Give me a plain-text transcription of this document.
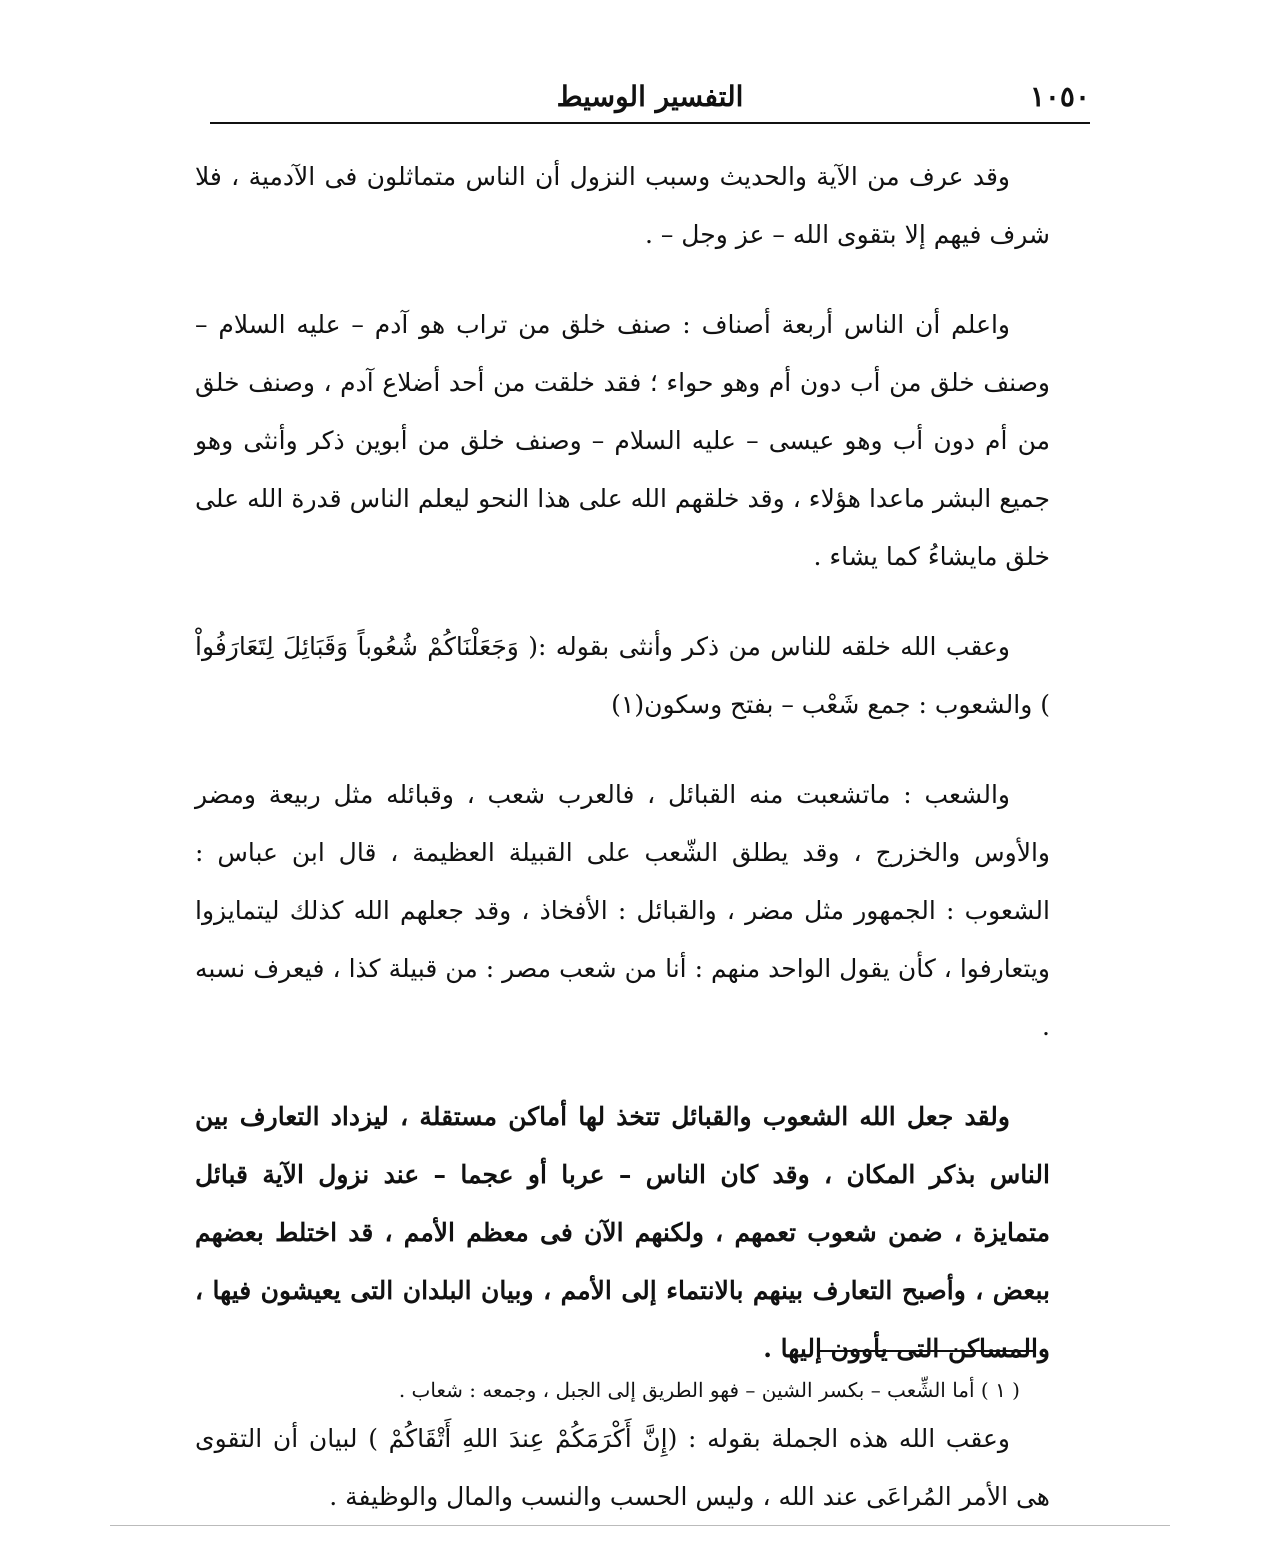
١٠٥٠
التفسير الوسيط

وقد عرف من الآية والحديث وسبب النزول أن الناس متماثلون فى الآدمية ، فلا شرف فيهم إلا بتقوى الله – عز وجل – .

واعلم أن الناس أربعة أصناف : صنف خلق من تراب هو آدم – عليه السلام – وصنف خلق من أب دون أم وهو حواء ؛ فقد خلقت من أحد أضلاع آدم ، وصنف خلق من أم دون أب وهو عيسى – عليه السلام – وصنف خلق من أبوين ذكر وأنثى وهو جميع البشر ماعدا هؤلاء ، وقد خلقهم الله على هذا النحو ليعلم الناس قدرة الله على خلق مايشاءُ كما يشاء .

وعقب الله خلقه للناس من ذكر وأنثى بقوله :( وَجَعَلْنَاكُمْ شُعُوباً وَقَبَائِلَ لِتَعَارَفُواْ ) والشعوب : جمع شَعْب – بفتح وسكون(١)

والشعب : ماتشعبت منه القبائل ، فالعرب شعب ، وقبائله مثل ربيعة ومضر والأوس والخزرج ، وقد يطلق الشّعب على القبيلة العظيمة ، قال ابن عباس : الشعوب : الجمهور مثل مضر ، والقبائل : الأفخاذ ، وقد جعلهم الله كذلك ليتمايزوا ويتعارفوا ، كأن يقول الواحد منهم : أنا من شعب مصر : من قبيلة كذا ، فيعرف نسبه .

ولقد جعل الله الشعوب والقبائل تتخذ لها أماكن مستقلة ، ليزداد التعارف بين الناس بذكر المكان ، وقد كان الناس – عربا أو عجما – عند نزول الآية قبائل متمايزة ، ضمن شعوب تعمهم ، ولكنهم الآن فى معظم الأمم ، قد اختلط بعضهم ببعض ، وأصبح التعارف بينهم بالانتماء إلى الأمم ، وبيان البلدان التى يعيشون فيها ، والمساكن التى يأوون إليها .

وعقب الله هذه الجملة بقوله : (إِنَّ أَكْرَمَكُمْ عِندَ اللهِ أَتْقَاكُمْ ) لبيان أن التقوى هى الأمر المُراعَى عند الله ، وليس الحسب والنسب والمال والوظيفة .

( ١ ) أما الشِّعب – بكسر الشين – فهو الطريق إلى الجبل ، وجمعه : شعاب .
